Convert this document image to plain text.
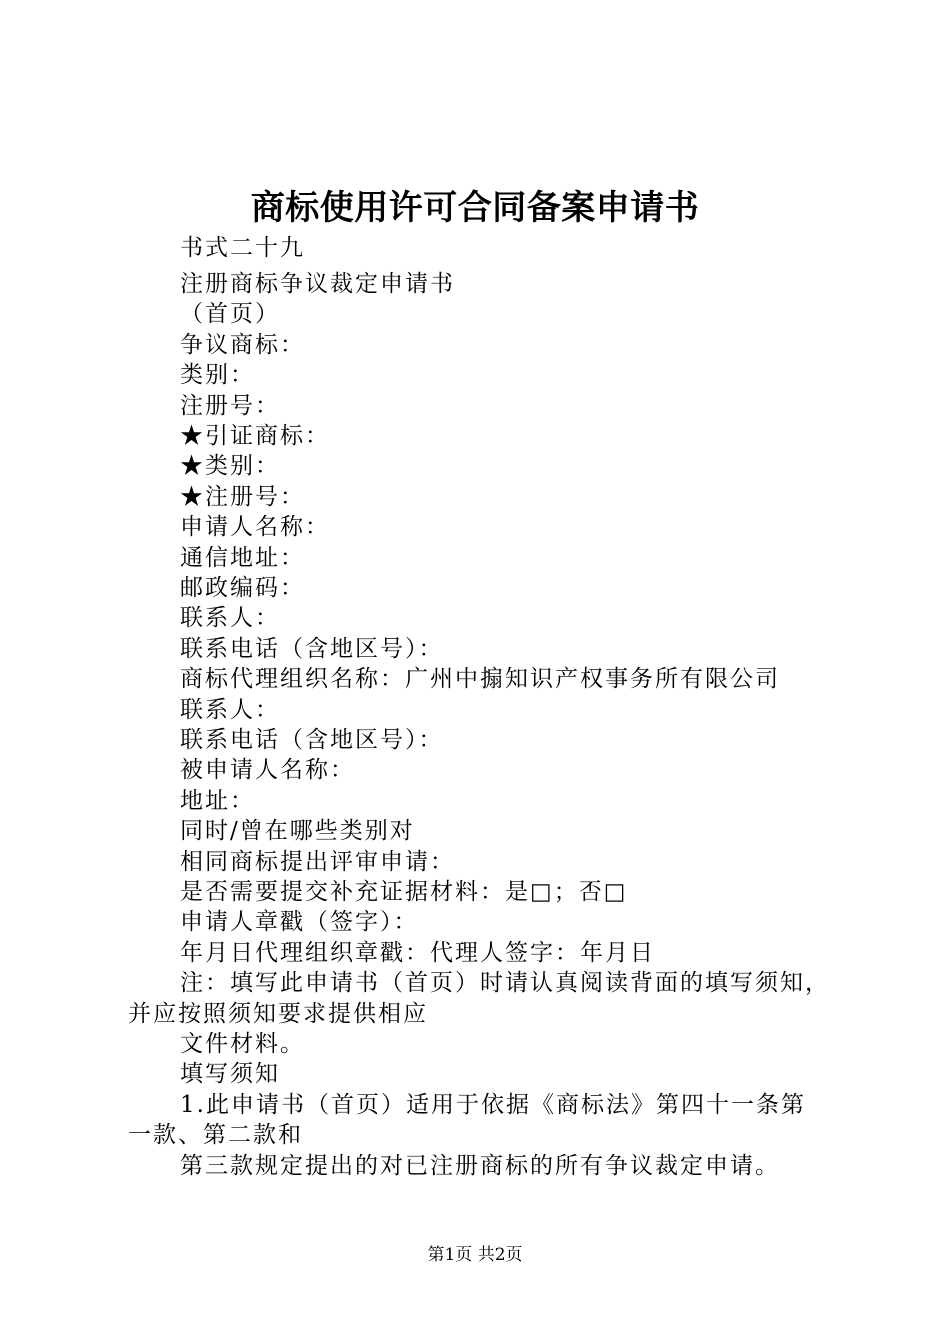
商标使用许可合同备案申请书
书式二十九
注册商标争议裁定申请书
（首页）
争议商标：
类别：
注册号：
★引证商标：
★类别：
★注册号：
申请人名称：
通信地址：
邮政编码：
联系人：
联系电话（含地区号）：
商标代理组织名称：广州中搧知识产权事务所有限公司
联系人：
联系电话（含地区号）：
被申请人名称：
地址：
同时/曾在哪些类别对
相同商标提出评审申请：
是否需要提交补充证据材料：是□；否□
申请人章戳（签字）：
年月日代理组织章戳：代理人签字：年月日
注：填写此申请书（首页）时请认真阅读背面的填写须知，
并应按照须知要求提供相应
文件材料。
填写须知
1.此申请书（首页）适用于依据《商标法》第四十一条第
一款、第二款和
第三款规定提出的对已注册商标的所有争议裁定申请。
第1页 共2页
